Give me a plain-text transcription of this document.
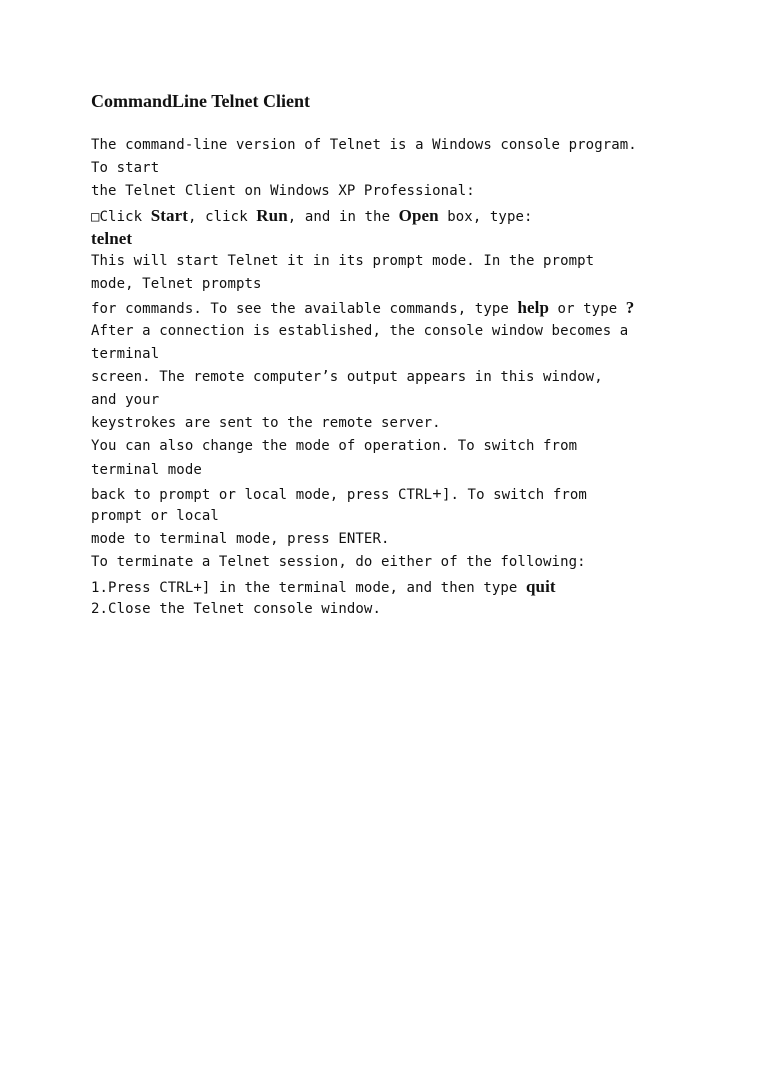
CommandLine Telnet Client
The command-line version of Telnet is a Windows console program.
To start
the Telnet Client on Windows XP Professional:
□Click Start, click Run, and in the Open box, type:
telnet
This will start Telnet it in its prompt mode. In the prompt
mode, Telnet prompts
for commands. To see the available commands, type help or type ?
After a connection is established, the console window becomes a
terminal
screen. The remote computer’s output appears in this window,
and your
keystrokes are sent to the remote server.
You can also change the mode of operation. To switch from
terminal mode
back to prompt or local mode, press CTRL+]. To switch from
prompt or local
mode to terminal mode, press ENTER.
To terminate a Telnet session, do either of the following:
1.Press CTRL+] in the terminal mode, and then type quit
2.Close the Telnet console window.
